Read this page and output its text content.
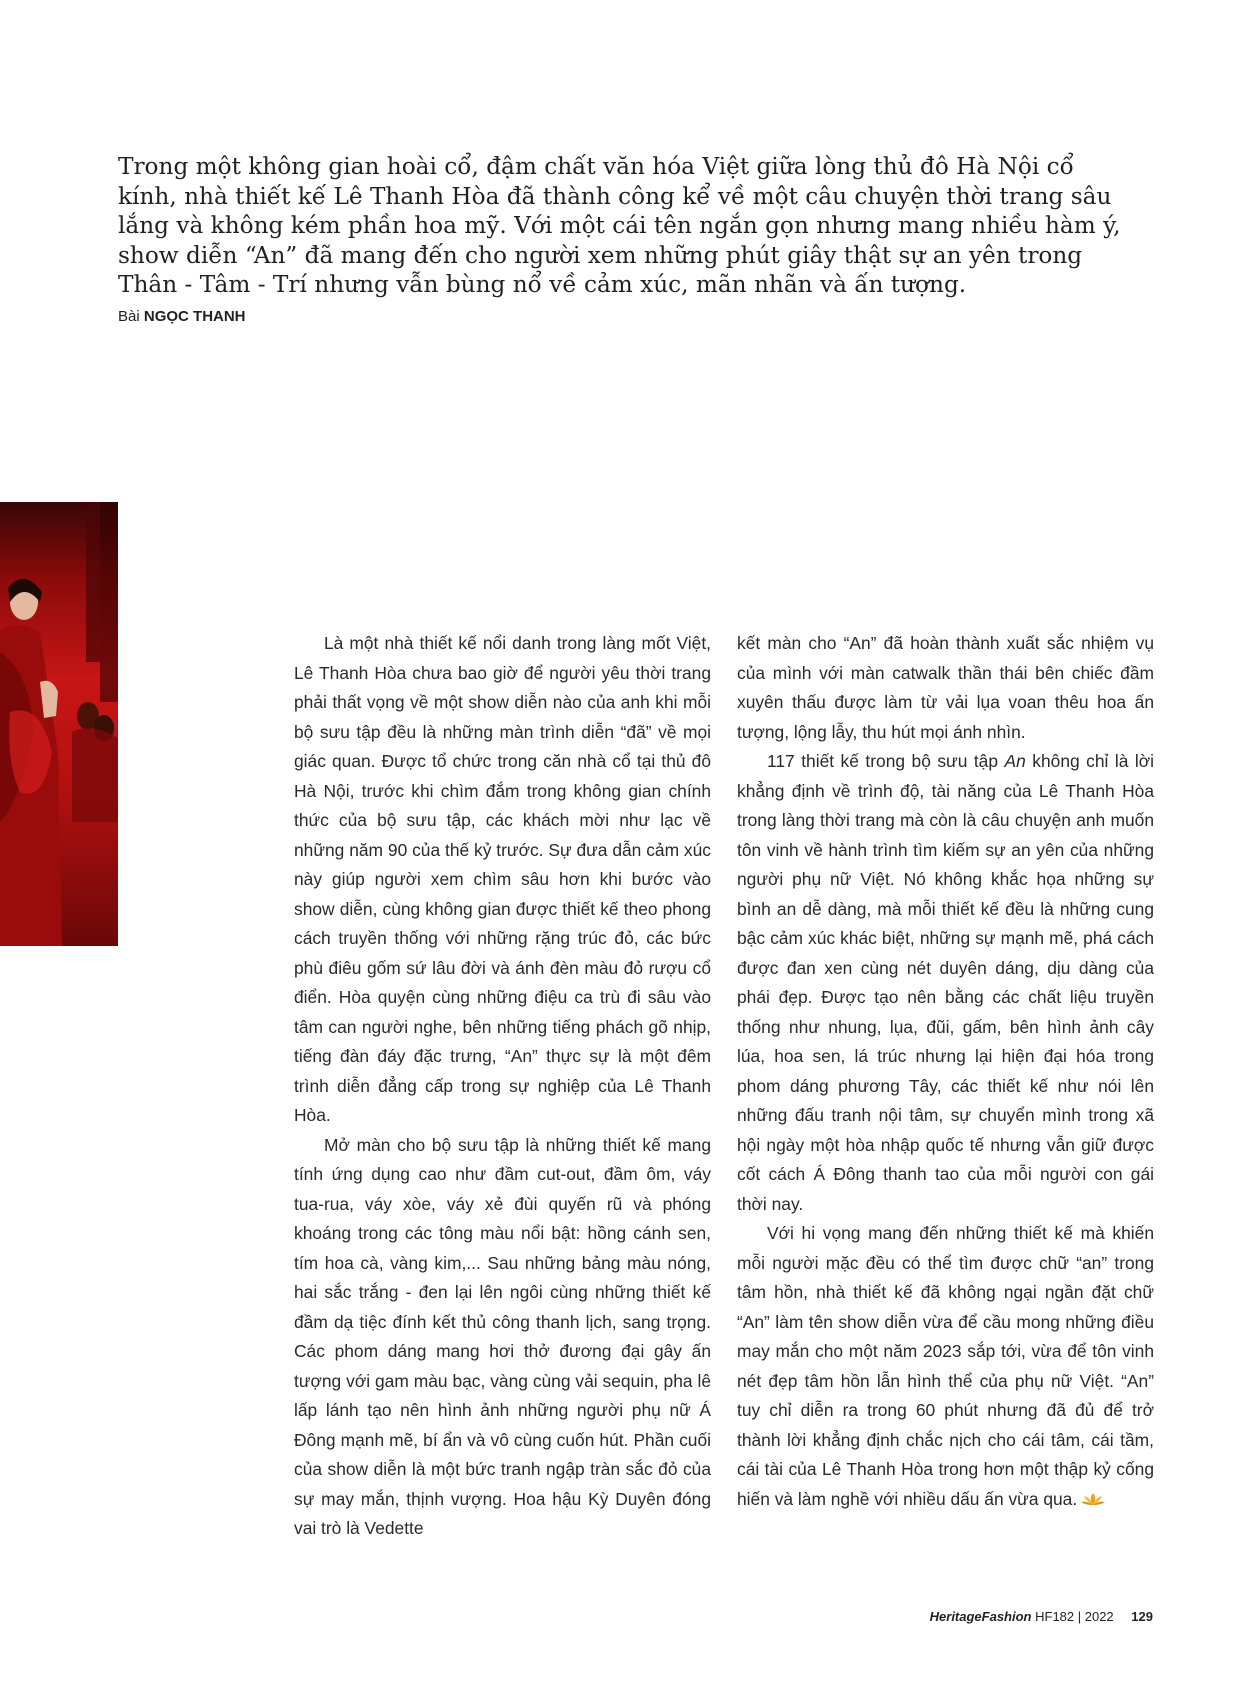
Trong một không gian hoài cổ, đậm chất văn hóa Việt giữa lòng thủ đô Hà Nội cổ kính, nhà thiết kế Lê Thanh Hòa đã thành công kể về một câu chuyện thời trang sâu lắng và không kém phần hoa mỹ. Với một cái tên ngắn gọn nhưng mang nhiều hàm ý, show diễn “An” đã mang đến cho người xem những phút giây thật sự an yên trong Thân - Tâm - Trí nhưng vẫn bùng nổ về cảm xúc, mãn nhãn và ấn tượng.

Bài NGỌC THANH

Là một nhà thiết kế nổi danh trong làng mốt Việt, Lê Thanh Hòa chưa bao giờ để người yêu thời trang phải thất vọng về một show diễn nào của anh khi mỗi bộ sưu tập đều là những màn trình diễn “đã” về mọi giác quan. Được tổ chức trong căn nhà cổ tại thủ đô Hà Nội, trước khi chìm đắm trong không gian chính thức của bộ sưu tập, các khách mời như lạc về những năm 90 của thế kỷ trước. Sự đưa dẫn cảm xúc này giúp người xem chìm sâu hơn khi bước vào show diễn, cùng không gian được thiết kế theo phong cách truyền thống với những rặng trúc đỏ, các bức phù điêu gốm sứ lâu đời và ánh đèn màu đỏ rượu cổ điển. Hòa quyện cùng những điệu ca trù đi sâu vào tâm can người nghe, bên những tiếng phách gõ nhịp, tiếng đàn đáy đặc trưng, “An” thực sự là một đêm trình diễn đẳng cấp trong sự nghiệp của Lê Thanh Hòa.

Mở màn cho bộ sưu tập là những thiết kế mang tính ứng dụng cao như đầm cut-out, đầm ôm, váy tua-rua, váy xòe, váy xẻ đùi quyến rũ và phóng khoáng trong các tông màu nổi bật: hồng cánh sen, tím hoa cà, vàng kim,... Sau những bảng màu nóng, hai sắc trắng - đen lại lên ngôi cùng những thiết kế đầm dạ tiệc đính kết thủ công thanh lịch, sang trọng. Các phom dáng mang hơi thở đương đại gây ấn tượng với gam màu bạc, vàng cùng vải sequin, pha lê lấp lánh tạo nên hình ảnh những người phụ nữ Á Đông mạnh mẽ, bí ẩn và vô cùng cuốn hút. Phần cuối của show diễn là một bức tranh ngập tràn sắc đỏ của sự may mắn, thịnh vượng. Hoa hậu Kỳ Duyên đóng vai trò là Vedette

kết màn cho “An” đã hoàn thành xuất sắc nhiệm vụ của mình với màn catwalk thần thái bên chiếc đầm xuyên thấu được làm từ vải lụa voan thêu hoa ấn tượng, lộng lẫy, thu hút mọi ánh nhìn.

117 thiết kế trong bộ sưu tập An không chỉ là lời khẳng định về trình độ, tài năng của Lê Thanh Hòa trong làng thời trang mà còn là câu chuyện anh muốn tôn vinh về hành trình tìm kiếm sự an yên của những người phụ nữ Việt. Nó không khắc họa những sự bình an dễ dàng, mà mỗi thiết kế đều là những cung bậc cảm xúc khác biệt, những sự mạnh mẽ, phá cách được đan xen cùng nét duyên dáng, dịu dàng của phái đẹp. Được tạo nên bằng các chất liệu truyền thống như nhung, lụa, đũi, gấm, bên hình ảnh cây lúa, hoa sen, lá trúc nhưng lại hiện đại hóa trong phom dáng phương Tây, các thiết kế như nói lên những đấu tranh nội tâm, sự chuyển mình trong xã hội ngày một hòa nhập quốc tế nhưng vẫn giữ được cốt cách Á Đông thanh tao của mỗi người con gái thời nay.

Với hi vọng mang đến những thiết kế mà khiến mỗi người mặc đều có thể tìm được chữ “an” trong tâm hồn, nhà thiết kế đã không ngại ngần đặt chữ “An” làm tên show diễn vừa để cầu mong những điều may mắn cho một năm 2023 sắp tới, vừa để tôn vinh nét đẹp tâm hồn lẫn hình thể của phụ nữ Việt. “An” tuy chỉ diễn ra trong 60 phút nhưng đã đủ để trở thành lời khẳng định chắc nịch cho cái tâm, cái tầm, cái tài của Lê Thanh Hòa trong hơn một thập kỷ cống hiến và làm nghề với nhiều dấu ấn vừa qua.

HeritageFashion HF182 | 2022 129
